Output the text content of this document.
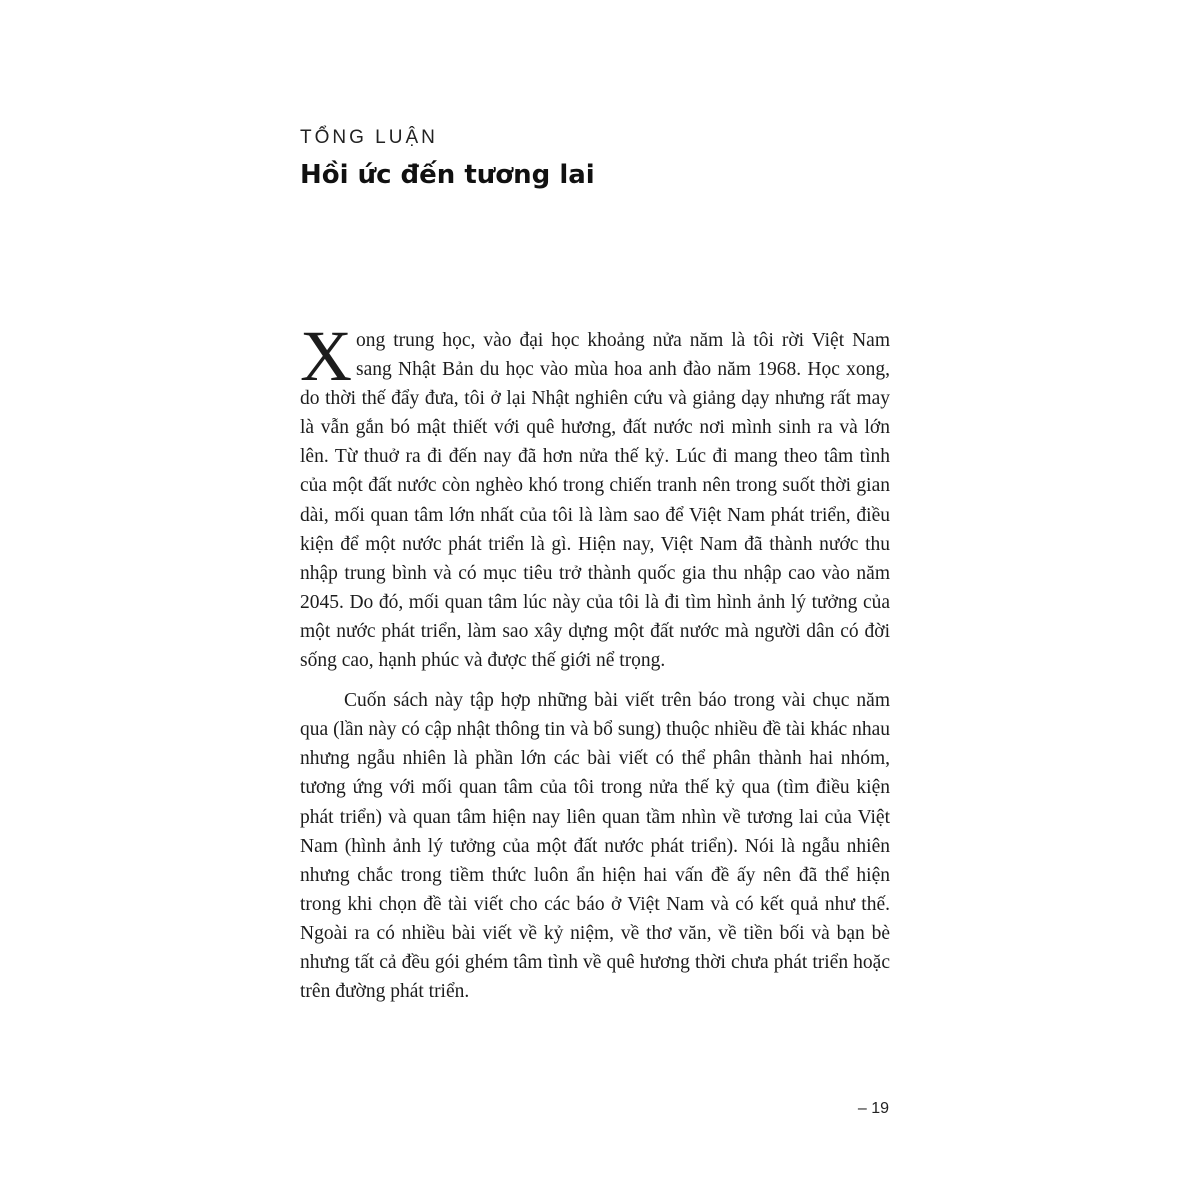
TỔNG LUẬN

Hồi ức đến tương lai

Xong trung học, vào đại học khoảng nửa năm là tôi rời Việt Nam sang Nhật Bản du học vào mùa hoa anh đào năm 1968. Học xong, do thời thế đẩy đưa, tôi ở lại Nhật nghiên cứu và giảng dạy nhưng rất may là vẫn gắn bó mật thiết với quê hương, đất nước nơi mình sinh ra và lớn lên. Từ thuở ra đi đến nay đã hơn nửa thế kỷ. Lúc đi mang theo tâm tình của một đất nước còn nghèo khó trong chiến tranh nên trong suốt thời gian dài, mối quan tâm lớn nhất của tôi là làm sao để Việt Nam phát triển, điều kiện để một nước phát triển là gì. Hiện nay, Việt Nam đã thành nước thu nhập trung bình và có mục tiêu trở thành quốc gia thu nhập cao vào năm 2045. Do đó, mối quan tâm lúc này của tôi là đi tìm hình ảnh lý tưởng của một nước phát triển, làm sao xây dựng một đất nước mà người dân có đời sống cao, hạnh phúc và được thế giới nể trọng.

Cuốn sách này tập hợp những bài viết trên báo trong vài chục năm qua (lần này có cập nhật thông tin và bổ sung) thuộc nhiều đề tài khác nhau nhưng ngẫu nhiên là phần lớn các bài viết có thể phân thành hai nhóm, tương ứng với mối quan tâm của tôi trong nửa thế kỷ qua (tìm điều kiện phát triển) và quan tâm hiện nay liên quan tầm nhìn về tương lai của Việt Nam (hình ảnh lý tưởng của một đất nước phát triển). Nói là ngẫu nhiên nhưng chắc trong tiềm thức luôn ẩn hiện hai vấn đề ấy nên đã thể hiện trong khi chọn đề tài viết cho các báo ở Việt Nam và có kết quả như thế. Ngoài ra có nhiều bài viết về kỷ niệm, về thơ văn, về tiền bối và bạn bè nhưng tất cả đều gói ghém tâm tình về quê hương thời chưa phát triển hoặc trên đường phát triển.

– 19
